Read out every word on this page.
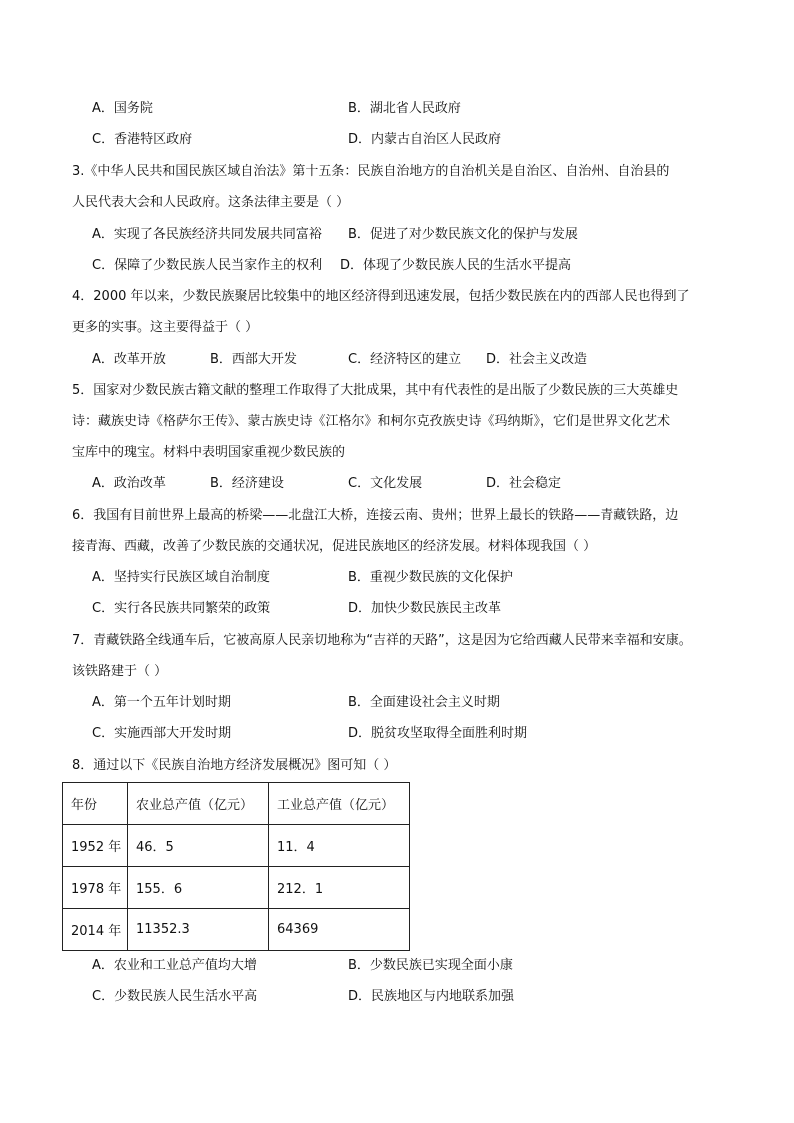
A．国务院	B．湖北省人民政府
C．香港特区政府	D．内蒙古自治区人民政府
3.《中华人民共和国民族区域自治法》第十五条：民族自治地方的自治机关是自治区、自治州、自治县的
人民代表大会和人民政府。这条法律主要是（ ）
A．实现了各民族经济共同发展共同富裕 B．促进了对少数民族文化的保护与发展
C．保障了少数民族人民当家作主的权利 D．体现了少数民族人民的生活水平提高
4．2000 年以来，少数民族聚居比较集中的地区经济得到迅速发展，包括少数民族在内的西部人民也得到了
更多的实事。这主要得益于（ ）
A．改革开放	B．西部大开发	C．经济特区的建立 D．社会主义改造
5．国家对少数民族古籍文献的整理工作取得了大批成果，其中有代表性的是出版了少数民族的三大英雄史
诗：藏族史诗《格萨尔王传》、蒙古族史诗《江格尔》和柯尔克孜族史诗《玛纳斯》，它们是世界文化艺术
宝库中的瑰宝。材料中表明国家重视少数民族的
A．政治改革	B．经济建设	C．文化发展	D．社会稳定
6．我国有目前世界上最高的桥梁——北盘江大桥，连接云南、贵州；世界上最长的铁路——青藏铁路，边
接青海、西藏，改善了少数民族的交通状况，促进民族地区的经济发展。材料体现我国（ ）
A．坚持实行民族区域自治制度	B．重视少数民族的文化保护
C．实行各民族共同繁荣的政策	D．加快少数民族民主改革
7．青藏铁路全线通车后，它被高原人民亲切地称为“吉祥的天路”，这是因为它给西藏人民带来幸福和安康。
该铁路建于（ ）
A．第一个五年计划时期	B．全面建设社会主义时期
C．实施西部大开发时期	D．脱贫攻坚取得全面胜利时期
8．通过以下《民族自治地方经济发展概况》图可知（ ）
年份	农业总产值（亿元）	工业总产值（亿元）
1952 年	46．5	11．4
1978 年	155．6	212．1
2014 年	11352.3	64369
A．农业和工业总产值均大增	B．少数民族已实现全面小康
C．少数民族人民生活水平高	D．民族地区与内地联系加强
